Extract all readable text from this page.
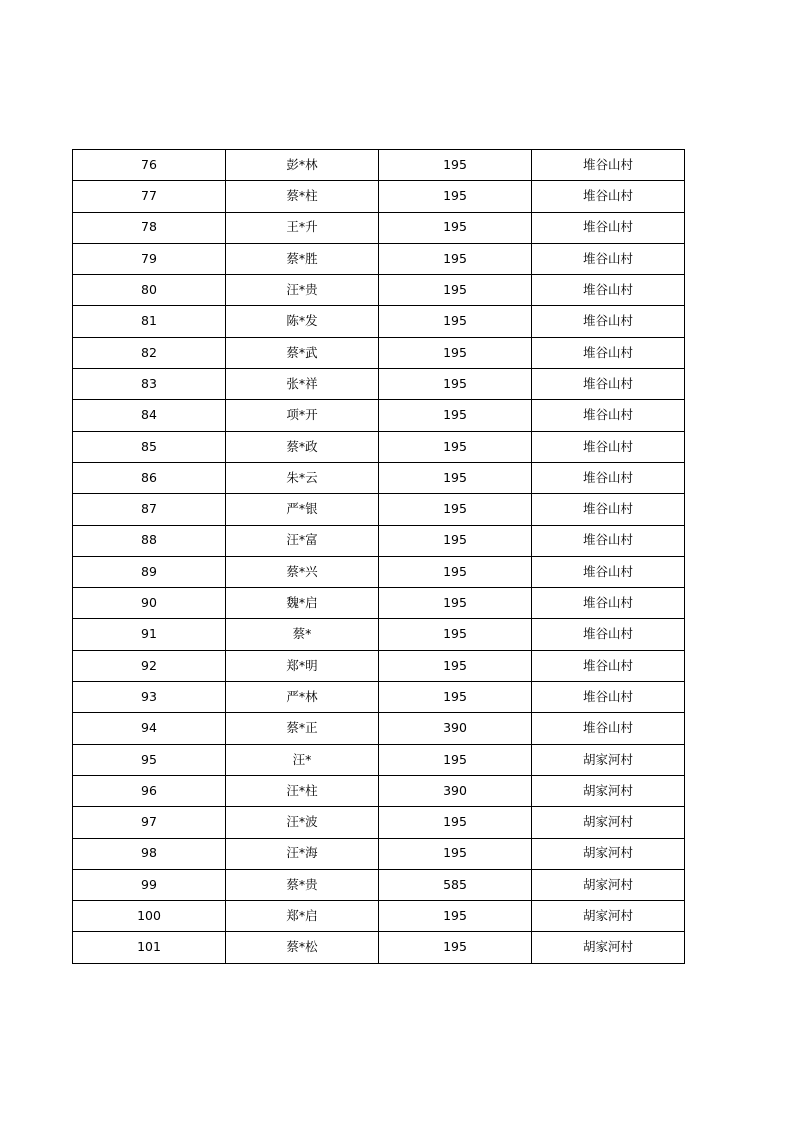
76	彭*林	195	堆谷山村
77	蔡*柱	195	堆谷山村
78	王*升	195	堆谷山村
79	蔡*胜	195	堆谷山村
80	汪*贵	195	堆谷山村
81	陈*发	195	堆谷山村
82	蔡*武	195	堆谷山村
83	张*祥	195	堆谷山村
84	项*开	195	堆谷山村
85	蔡*政	195	堆谷山村
86	朱*云	195	堆谷山村
87	严*银	195	堆谷山村
88	汪*富	195	堆谷山村
89	蔡*兴	195	堆谷山村
90	魏*启	195	堆谷山村
91	蔡*	195	堆谷山村
92	郑*明	195	堆谷山村
93	严*林	195	堆谷山村
94	蔡*正	390	堆谷山村
95	汪*	195	胡家河村
96	汪*柱	390	胡家河村
97	汪*波	195	胡家河村
98	汪*海	195	胡家河村
99	蔡*贵	585	胡家河村
100	郑*启	195	胡家河村
101	蔡*松	195	胡家河村
